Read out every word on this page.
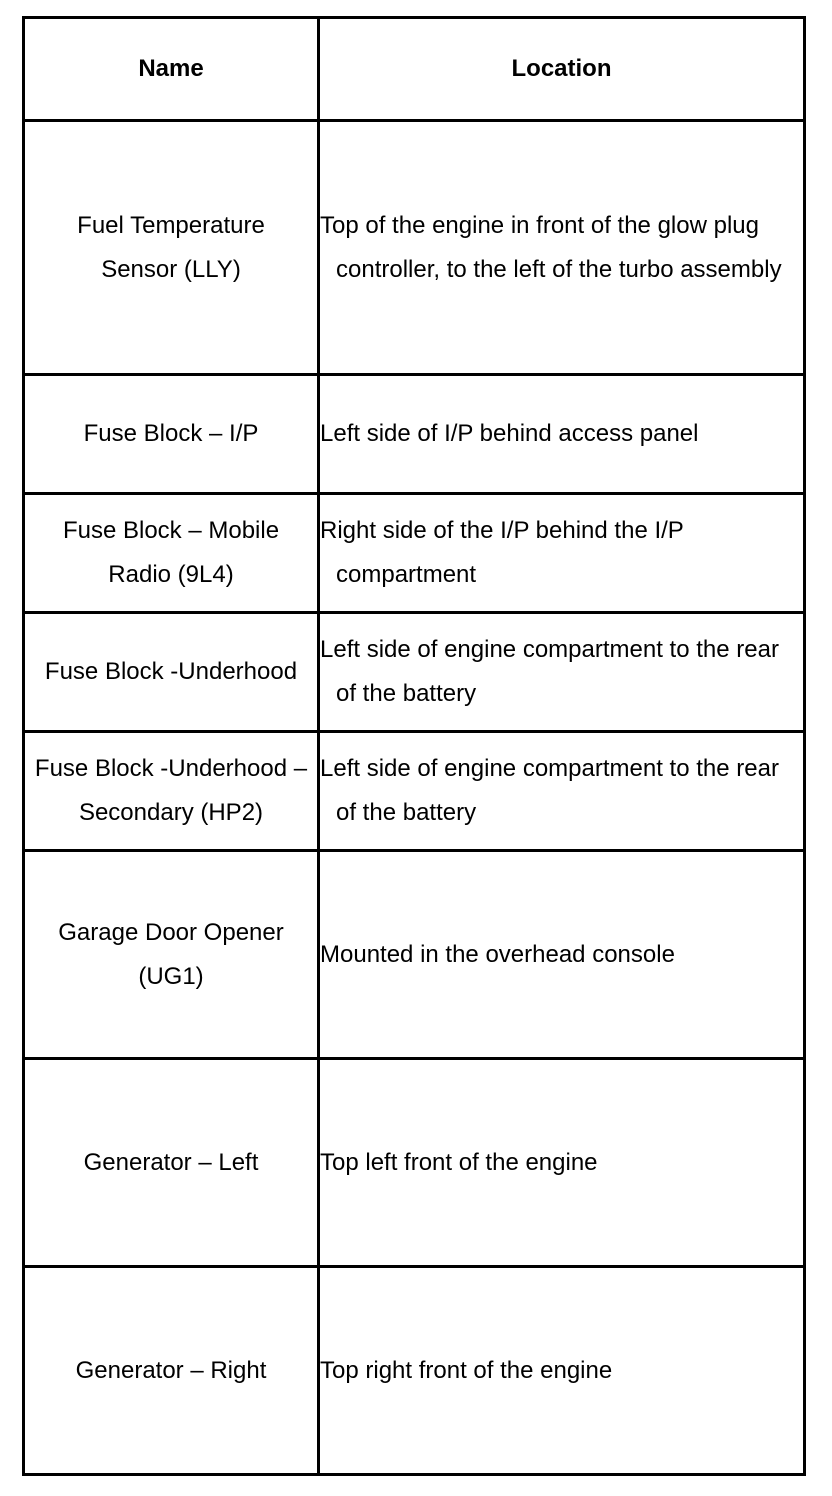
Name	Location
Fuel Temperature Sensor (LLY)	Top of the engine in front of the glow plug controller, to the left of the turbo assembly

Fuse Block – I/P	Left side of I/P behind access panel

Fuse Block – Mobile Radio (9L4)	Right side of the I/P behind the I/P compartment

Fuse Block -Underhood	Left side of engine compartment to the rear of the battery

Fuse Block -Underhood – Secondary (HP2)	Left side of engine compartment to the rear of the battery

Garage Door Opener (UG1)	Mounted in the overhead console

Generator – Left	Top left front of the engine

Generator – Right	Top right front of the engine
